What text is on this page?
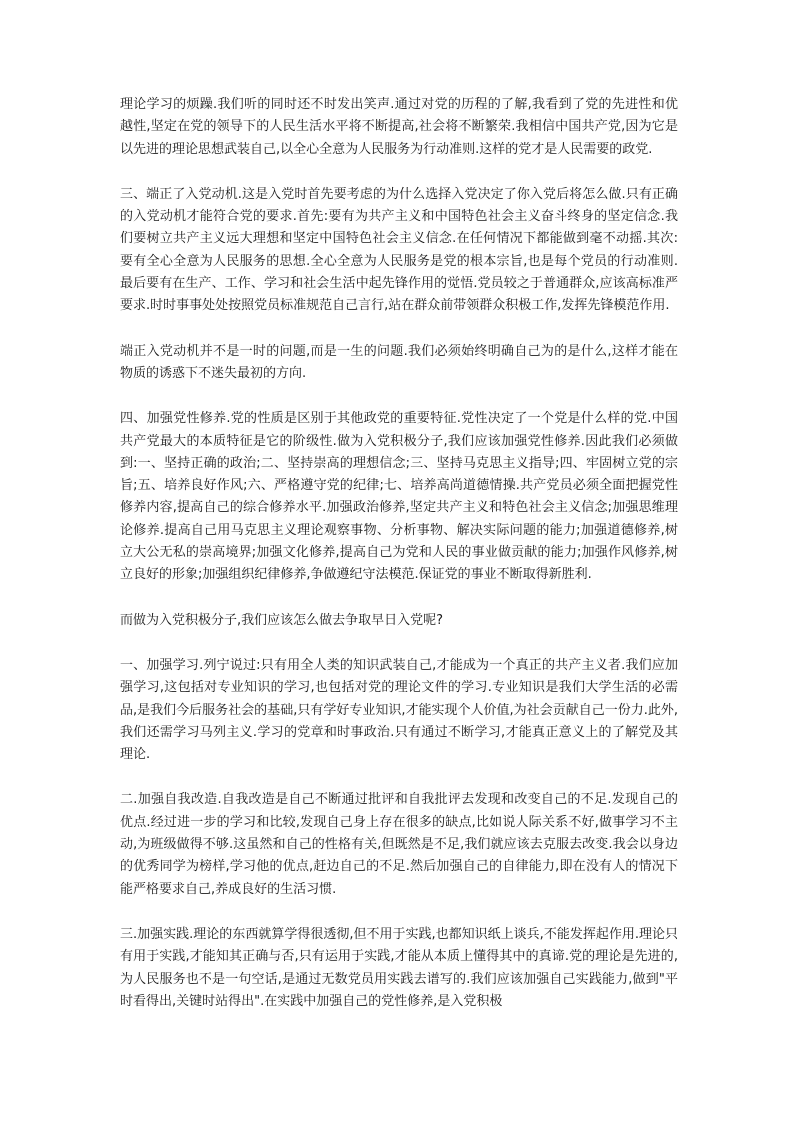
理论学习的烦躁.我们听的同时还不时发出笑声.通过对党的历程的了解,我看到了党的先进性和优越性,坚定在党的领导下的人民生活水平将不断提高,社会将不断繁荣.我相信中国共产党,因为它是以先进的理论思想武装自己,以全心全意为人民服务为行动准则.这样的党才是人民需要的政党.

三、端正了入党动机.这是入党时首先要考虑的为什么选择入党决定了你入党后将怎么做.只有正确的入党动机才能符合党的要求.首先:要有为共产主义和中国特色社会主义奋斗终身的坚定信念.我们要树立共产主义远大理想和坚定中国特色社会主义信念.在任何情况下都能做到毫不动摇.其次:要有全心全意为人民服务的思想.全心全意为人民服务是党的根本宗旨,也是每个党员的行动准则.最后要有在生产、工作、学习和社会生活中起先锋作用的觉悟.党员较之于普通群众,应该高标准严要求.时时事事处处按照党员标准规范自己言行,站在群众前带领群众积极工作,发挥先锋模范作用.

端正入党动机并不是一时的问题,而是一生的问题.我们必须始终明确自己为的是什么,这样才能在物质的诱惑下不迷失最初的方向.

四、加强党性修养.党的性质是区别于其他政党的重要特征.党性决定了一个党是什么样的党.中国共产党最大的本质特征是它的阶级性.做为入党积极分子,我们应该加强党性修养.因此我们必须做到:一、坚持正确的政治;二、坚持崇高的理想信念;三、坚持马克思主义指导;四、牢固树立党的宗旨;五、培养良好作风;六、严格遵守党的纪律;七、培养高尚道德情操.共产党员必须全面把握党性修养内容,提高自己的综合修养水平.加强政治修养,坚定共产主义和特色社会主义信念;加强思维理论修养.提高自己用马克思主义理论观察事物、分析事物、解决实际问题的能力;加强道德修养,树立大公无私的崇高境界;加强文化修养,提高自己为党和人民的事业做贡献的能力;加强作风修养,树立良好的形象;加强组织纪律修养,争做遵纪守法模范.保证党的事业不断取得新胜利.

而做为入党积极分子,我们应该怎么做去争取早日入党呢?

一、加强学习.列宁说过:只有用全人类的知识武装自己,才能成为一个真正的共产主义者.我们应加强学习,这包括对专业知识的学习,也包括对党的理论文件的学习.专业知识是我们大学生活的必需品,是我们今后服务社会的基础,只有学好专业知识,才能实现个人价值,为社会贡献自己一份力.此外,我们还需学习马列主义.学习的党章和时事政治.只有通过不断学习,才能真正意义上的了解党及其理论.

二.加强自我改造.自我改造是自己不断通过批评和自我批评去发现和改变自己的不足.发现自己的优点.经过进一步的学习和比较,发现自己身上存在很多的缺点,比如说人际关系不好,做事学习不主动,为班级做得不够.这虽然和自己的性格有关,但既然是不足,我们就应该去克服去改变.我会以身边的优秀同学为榜样,学习他的优点,赶边自己的不足.然后加强自己的自律能力,即在没有人的情况下能严格要求自己,养成良好的生活习惯.

三.加强实践.理论的东西就算学得很透彻,但不用于实践,也都知识纸上谈兵,不能发挥起作用.理论只有用于实践,才能知其正确与否,只有运用于实践,才能从本质上懂得其中的真谛.党的理论是先进的,为人民服务也不是一句空话,是通过无数党员用实践去谱写的.我们应该加强自己实践能力,做到"平时看得出,关键时站得出".在实践中加强自己的党性修养,是入党积极
